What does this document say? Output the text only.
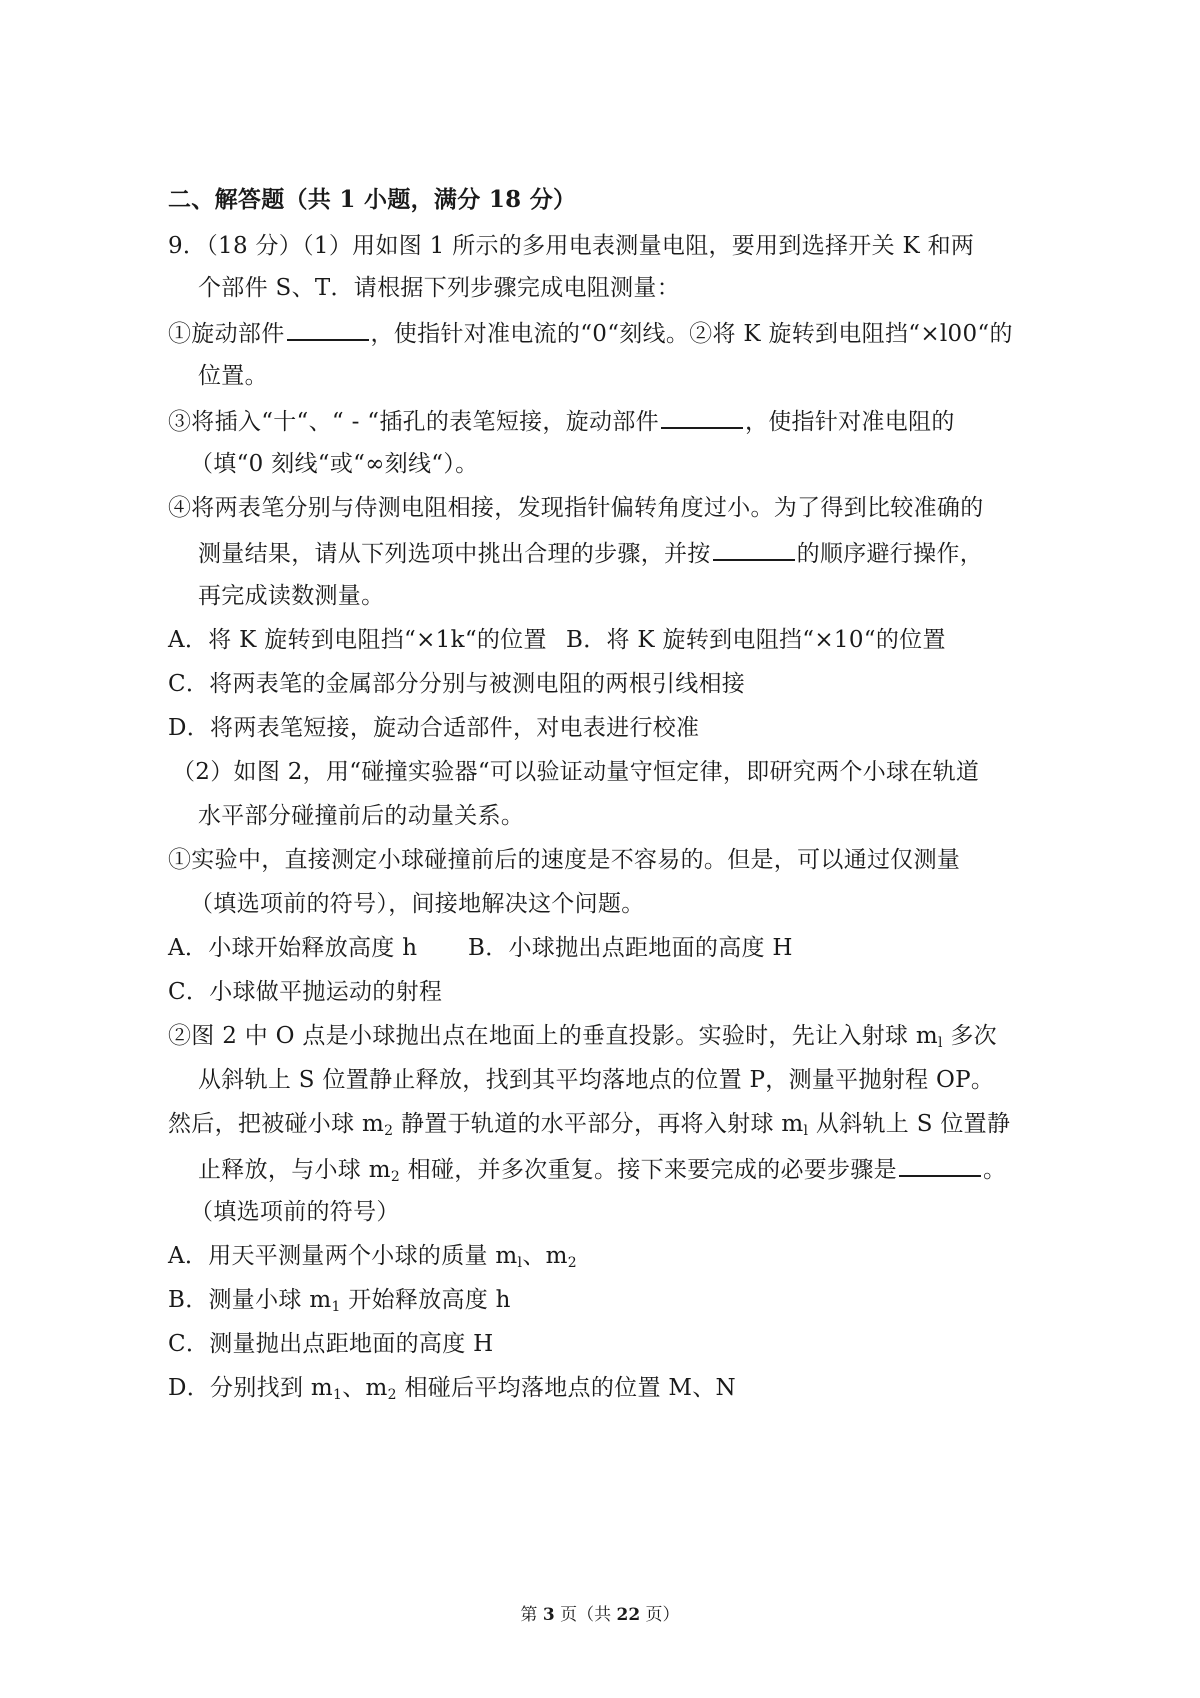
二、解答题（共 1 小题，满分 18 分）
9．（18 分）（1）用如图 1 所示的多用电表测量电阻，要用到选择开关 K 和两
个部件 S、T．请根据下列步骤完成电阻测量：
①旋动部件	，使指针对准电流的“0“刻线。②将 K 旋转到电阻挡“×l00“的
位置。
③将插入“十“、“ - “插孔的表笔短接，旋动部件	，使指针对准电阻的
（填“0 刻线“或“∞刻线“）。
④将两表笔分别与侍测电阻相接，发现指针偏转角度过小。为了得到比较准确的
测量结果，请从下列选项中挑出合理的步骤，并按	的顺序避行操作，
再完成读数测量。
A．将 K 旋转到电阻挡“×1k“的位置 B．将 K 旋转到电阻挡“×10“的位置
C．将两表笔的金属部分分别与被测电阻的两根引线相接
D．将两表笔短接，旋动合适部件，对电表进行校准
（2）如图 2，用“碰撞实验器“可以验证动量守恒定律，即研究两个小球在轨道
水平部分碰撞前后的动量关系。
①实验中，直接测定小球碰撞前后的速度是不容易的。但是，可以通过仅测量
（填选项前的符号），间接地解决这个问题。
A．小球开始释放高度 h B．小球抛出点距地面的高度 H
C．小球做平抛运动的射程
②图 2 中 O 点是小球抛出点在地面上的垂直投影。实验时，先让入射球 $m_l$ 多次
从斜轨上 S 位置静止释放，找到其平均落地点的位置 P，测量平抛射程 OP。
然后，把被碰小球 $m_2$ 静置于轨道的水平部分，再将入射球 $m_l$ 从斜轨上 S 位置静
止释放，与小球 $m_2$ 相碰，并多次重复。接下来要完成的必要步骤是	。
（填选项前的符号）
A．用天平测量两个小球的质量 $m_l$、$m_2$
B．测量小球 $m_1$ 开始释放高度 h
C．测量抛出点距地面的高度 H
D．分别找到 $m_1$、$m_2$ 相碰后平均落地点的位置 M、N
第 3 页（共 22 页）
